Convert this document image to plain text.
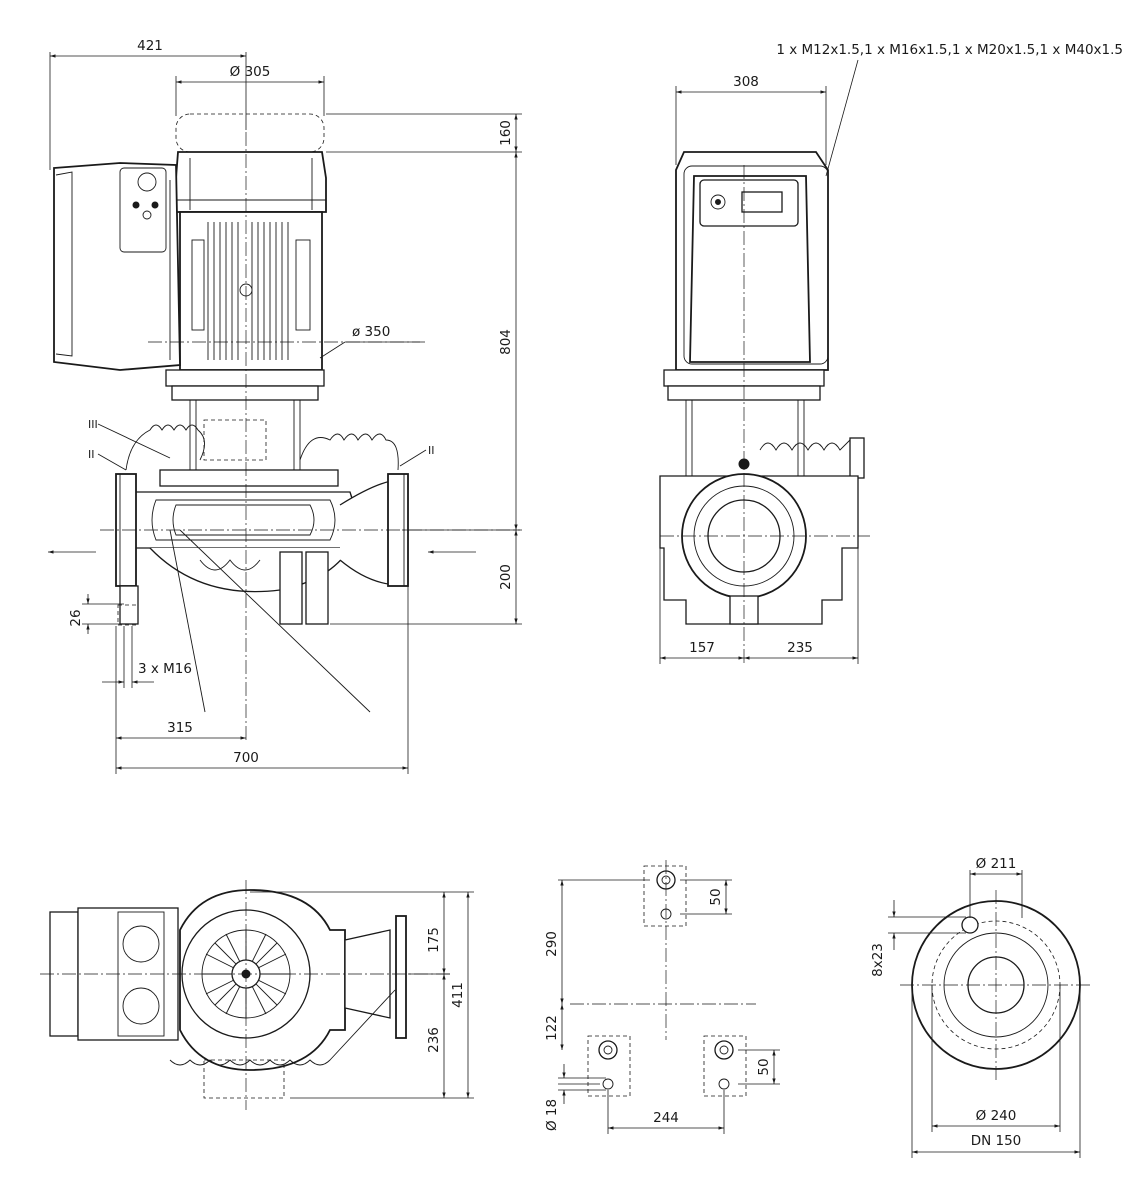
421
Ø 305
160
804
200
ø 350
26
3 x M16
315
700
III
II	II
1 x M12x1.5,1 x M16x1.5,1 x M20x1.5,1 x M40x1.5
308
157	235
175
236
411
290
122
50
50
Ø 18	244
Ø 211
8x23
Ø 240
DN 150
